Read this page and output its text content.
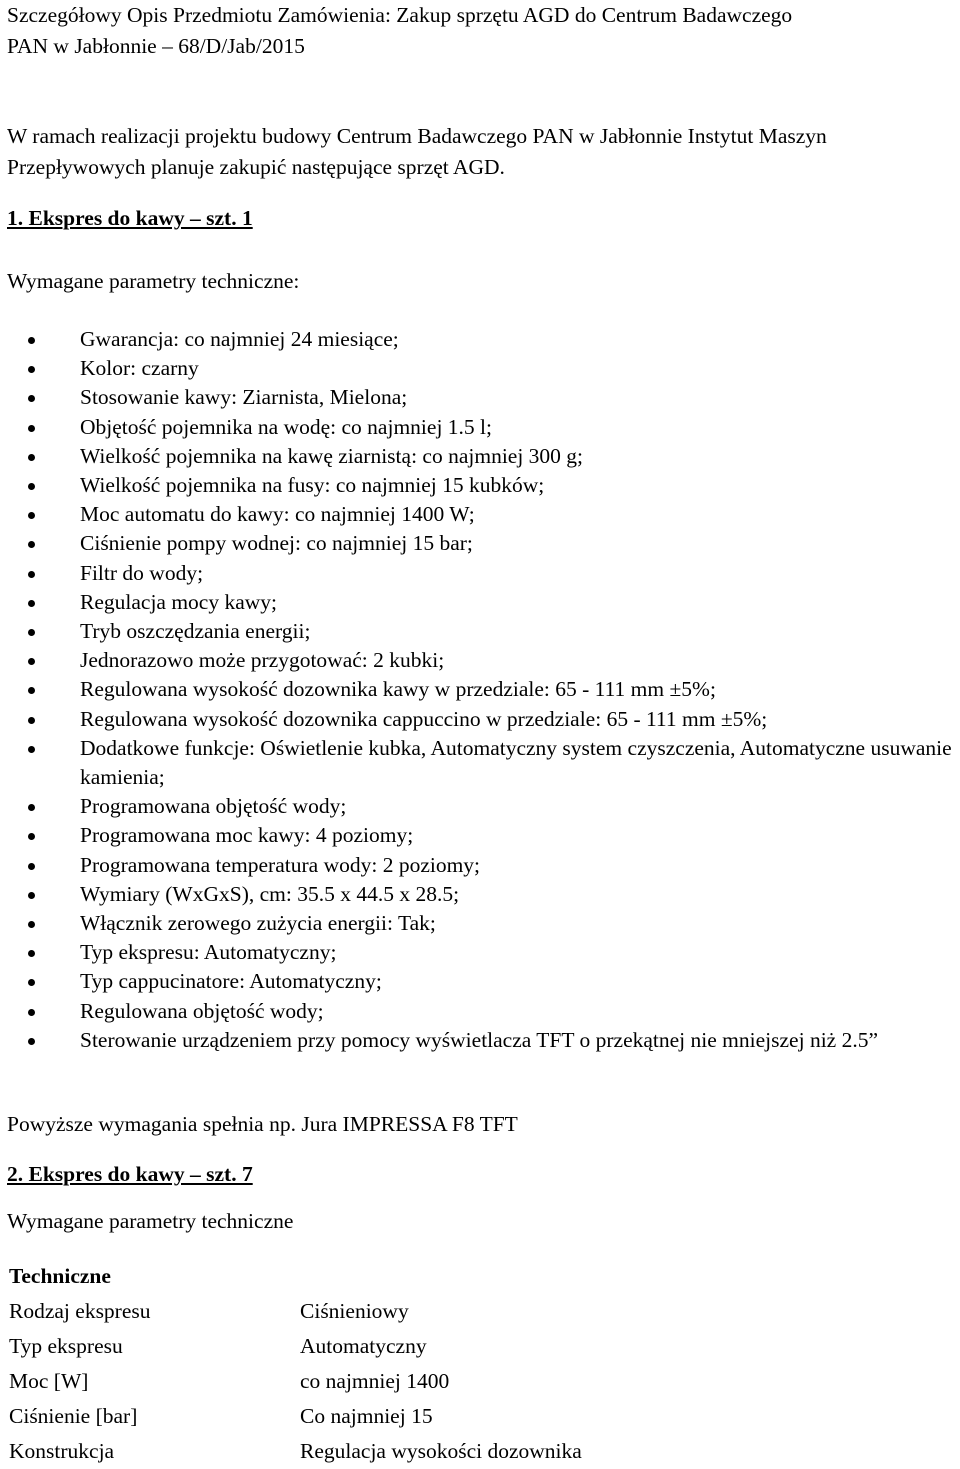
Szczegółowy Opis Przedmiotu Zamówienia: Zakup sprzętu AGD do Centrum Badawczego
PAN w Jabłonnie – 68/D/Jab/2015
W ramach realizacji projektu budowy Centrum Badawczego PAN w Jabłonnie Instytut Maszyn
Przepływowych planuje zakupić następujące sprzęt AGD.
1. Ekspres do kawy – szt. 1
Wymagane parametry techniczne:
Gwarancja: co najmniej 24 miesiące;
Kolor: czarny
Stosowanie kawy: Ziarnista, Mielona;
Objętość pojemnika na wodę: co najmniej 1.5 l;
Wielkość pojemnika na kawę ziarnistą: co najmniej 300 g;
Wielkość pojemnika na fusy: co najmniej 15 kubków;
Moc automatu do kawy: co najmniej 1400 W;
Ciśnienie pompy wodnej: co najmniej 15 bar;
Filtr do wody;
Regulacja mocy kawy;
Tryb oszczędzania energii;
Jednorazowo może przygotować: 2 kubki;
Regulowana wysokość dozownika kawy w przedziale: 65 - 111 mm ±5%;
Regulowana wysokość dozownika cappuccino w przedziale: 65 - 111 mm ±5%;
Dodatkowe funkcje: Oświetlenie kubka, Automatyczny system czyszczenia, Automatyczne usuwanie kamienia;
Programowana objętość wody;
Programowana moc kawy: 4 poziomy;
Programowana temperatura wody: 2 poziomy;
Wymiary (WxGxS), cm: 35.5 x 44.5 x 28.5;
Włącznik zerowego zużycia energii: Tak;
Typ ekspresu: Automatyczny;
Typ cappucinatore: Automatyczny;
Regulowana objętość wody;
Sterowanie urządzeniem przy pomocy wyświetlacza TFT o przekątnej nie mniejszej niż 2.5”
Powyższe wymagania spełnia np. Jura IMPRESSA F8 TFT
2. Ekspres do kawy – szt. 7
Wymagane parametry techniczne
Techniczne	
Rodzaj ekspresu	Ciśnieniowy
Typ ekspresu	Automatyczny
Moc [W]	co najmniej 1400
Ciśnienie [bar]	Co najmniej 15
Konstrukcja	Regulacja wysokości dozownika
